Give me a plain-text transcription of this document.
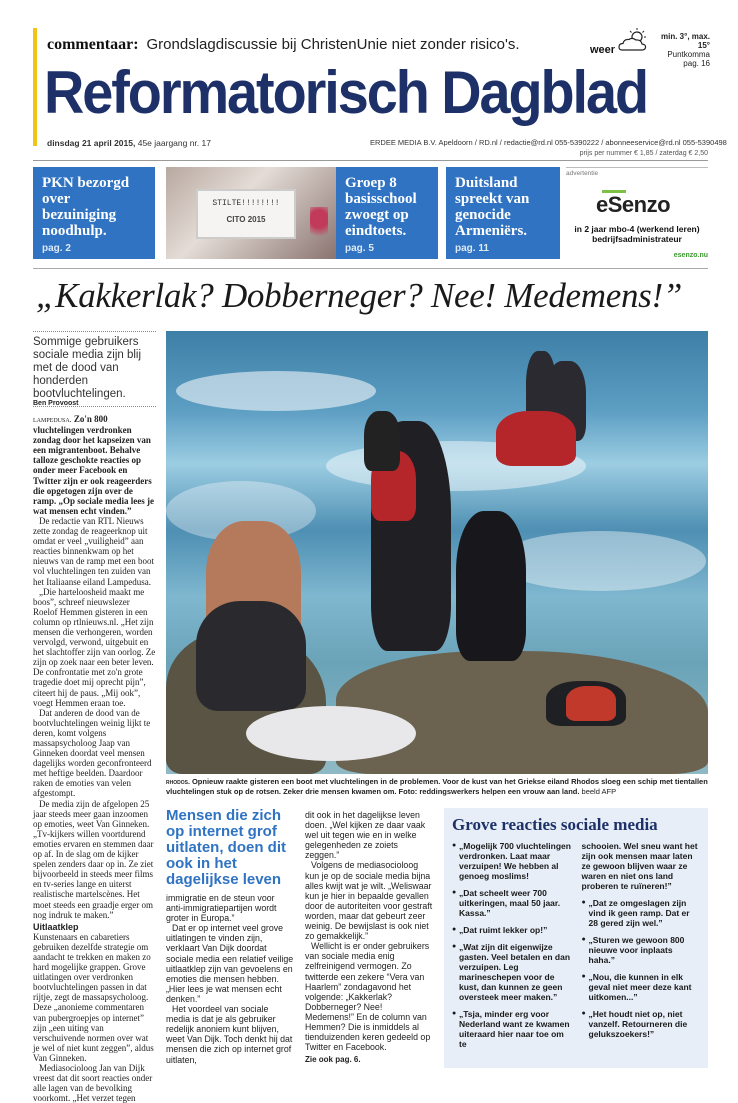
commentaar: Grondslagdiscussie bij ChristenUnie niet zonder risico's.	weer
min. 3°, max. 15°
Puntkomma pag. 16
Reformatorisch Dagblad
dinsdag 21 april 2015, 45e jaargang nr. 17	ERDEE MEDIA B.V. Apeldoorn / RD.nl / redactie@rd.nl 055-5390222 / abonneeservice@rd.nl 055-5390498
prijs per nummer € 1,85 / zaterdag € 2,50
PKN bezorgd over bezuiniging noodhulp.
pag. 2
STILTE!!!!!!!!
CITO 2015
Groep 8 basisschool zwoegt op eindtoets.
pag. 5
Duitsland spreekt van genocide Armeniërs.
pag. 11
advertentie
eSenzo
in 2 jaar mbo-4 (werkend leren)
bedrijfsadministrateur
esenzo.nu
„Kakkerlak? Dobberneger? Nee! Medemens!”
Sommige gebruikers sociale media zijn blij met de dood van honderden bootvluchtelingen.
Ben Provoost

lampedusa. Zo'n 800 vluchtelingen verdronken zondag door het kapseizen van een migrantenboot. Behalve talloze geschokte reacties op onder meer Facebook en Twitter zijn er ook reageerders die opgetogen zijn over de ramp. „Op sociale media lees je wat mensen echt vinden.”

De redactie van RTL Nieuws zette zondag de reageerknop uit omdat er veel „vuiligheid” aan reacties binnenkwam op het nieuws van de ramp met een boot vol vluchtelingen ten zuiden van het Italiaanse eiland Lampedusa.

„Die harteloosheid maakt me boos”, schreef nieuwslezer Roelof Hemmen gisteren in een column op rtlnieuws.nl. „Het zijn mensen die verhongeren, worden vervolgd, verwond, uitgebuit en het slachtoffer zijn van oorlog. Ze zijn op zoek naar een beter leven. De confrontatie met zo'n grote tragedie doet mij oprecht pijn”, citeert hij de paus. „Mij ook”, voegt Hemmen eraan toe.

Dat anderen de dood van de bootvluchtelingen weinig lijkt te deren, komt volgens massapsycholoog Jaap van Ginneken doordat veel mensen dagelijks worden geconfronteerd met heftige beelden. Daardoor raken de emoties van velen afgestompt.

De media zijn de afgelopen 25 jaar steeds meer gaan inzoomen op emoties, weet Van Ginneken. „Tv-kijkers willen voortdurend emoties ervaren en stemmen daar op af. In de slag om de kijker spelen zenders daar op in. Ze ziet bijvoorbeeld in steeds meer films en tv-series lange en uiterst realistische martelscènes. Het moet steeds een graadje erger om nog indruk te maken.”

Uitlaatklep

Kunstenaars en cabaretiers gebruiken dezelfde strategie om aandacht te trekken en maken zo hard mogelijke grappen. Grove uitlatingen over verdronken bootvluchtelingen passen in dat rijtje, zegt de massapsycholoog. Deze „anonieme commentaren van pubergroepjes op internet” zijn „een uiting van verschuivende normen over wat je wel of niet kunt zeggen”, aldus Van Ginneken.

Mediasocioloog Jan van Dijk vreest dat dit soort reacties onder alle lagen van de bevolking voorkomt. „Het verzet tegen

rhodos. Opnieuw raakte gisteren een boot met vluchtelingen in de problemen. Voor de kust van het Griekse eiland Rhodos sloeg een schip met tientallen vluchtelingen stuk op de rotsen. Zeker drie mensen kwamen om. Foto: reddingswerkers helpen een vrouw aan land. beeld AFP
Mensen die zich op internet grof uitlaten, doen dit ook in het dagelijkse leven

immigratie en de steun voor anti-immigratiepartijen wordt groter in Europa.”

Dat er op internet veel grove uitlatingen te vinden zijn, verklaart Van Dijk doordat sociale media een relatief veilige uitlaatklep zijn van gevoelens en emoties die mensen hebben. „Hier lees je wat mensen echt denken.”

Het voordeel van sociale media is dat je als gebruiker redelijk anoniem kunt blijven, weet Van Dijk. Toch denkt hij dat mensen die zich op internet grof uitlaten,

dit ook in het dagelijkse leven doen. „Wel kijken ze daar vaak wel uit tegen wie en in welke gelegenheden ze zoiets zeggen.”

Volgens de mediasocioloog kun je op de sociale media bijna alles kwijt wat je wilt. „Weliswaar kun je hier in bepaalde gevallen door de autoriteiten voor gestraft worden, maar dat gebeurt zeer weinig. De bewijslast is ook niet zo gemakkelijk.”

Wellicht is er onder gebruikers van sociale media enig zelfreinigend vermogen. Zo twitterde een zekere “Vera van Haarlem” zondagavond het volgende: „Kakkerlak? Dobberneger? Nee! Medemens!” En de column van Hemmen? Die is inmiddels al tienduizenden keren gedeeld op Twitter en Facebook.

Zie ook pag. 6.

Grove reacties sociale media
● „Mogelijk 700 vluchtelingen verdronken. Laat maar verzuipen! We hebben al genoeg moslims!
● „Dat scheelt weer 700 uitkeringen, maal 50 jaar. Kassa.”
● „Dat ruimt lekker op!”
● „Wat zijn dit eigenwijze gasten. Veel betalen en dan verzuipen. Leg marineschepen voor de kust, dan kunnen ze geen oversteek meer maken.”
● „Tsja, minder erg voor Nederland want ze kwamen uiteraard hier naar toe om te
schooien. Wel sneu want het zijn ook mensen maar laten ze gewoon blijven waar ze waren en niet ons land proberen te ruïneren!”
● „Dat ze omgeslagen zijn vind ik geen ramp. Dat er 28 gered zijn wel.”
● „Sturen we gewoon 800 nieuwe voor inplaats haha.”
● „Nou, die kunnen in elk geval niet meer deze kant uitkomen...”
● „Het houdt niet op, niet vanzelf. Retourneren die gelukszoekers!”
